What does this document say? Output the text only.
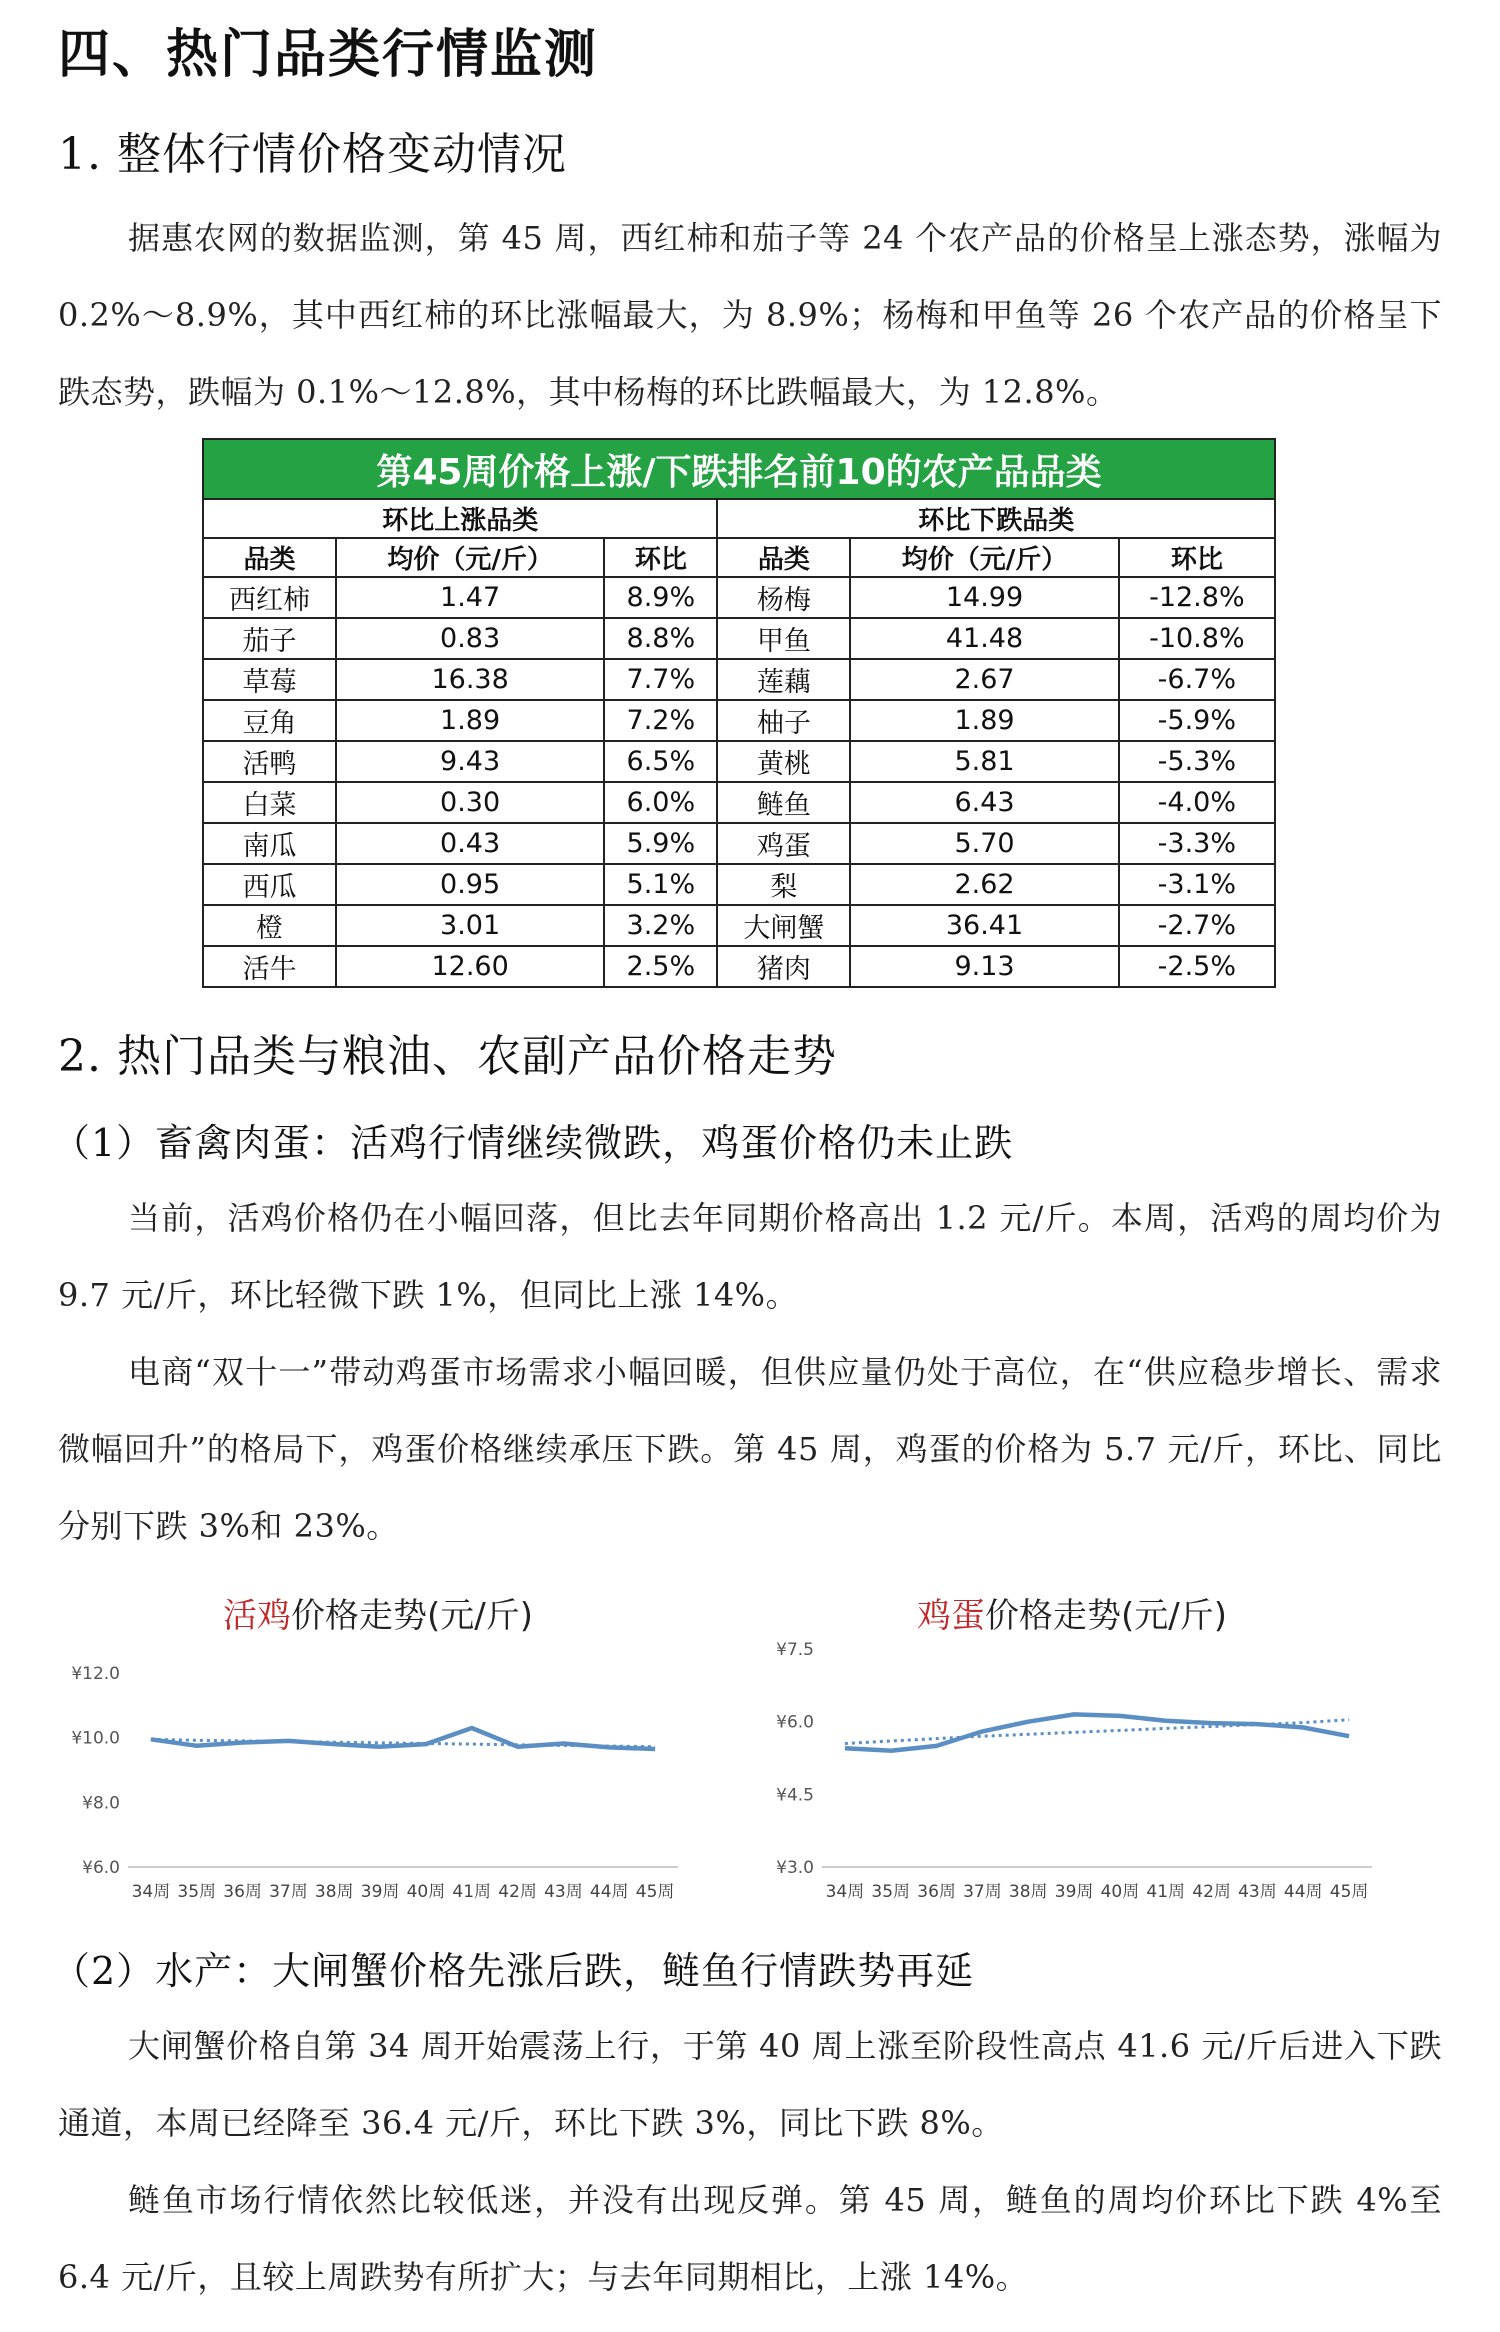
四、热门品类行情监测
1. 整体行情价格变动情况
据惠农网的数据监测，第 45 周，西红柿和茄子等 24 个农产品的价格呈上涨态势，涨幅为 0.2%～8.9%，其中西红柿的环比涨幅最大，为 8.9%；杨梅和甲鱼等 26 个农产品的价格呈下跌态势，跌幅为 0.1%～12.8%，其中杨梅的环比跌幅最大，为 12.8%。
第45周价格上涨/下跌排名前10的农产品品类					
环比上涨品类			环比下跌品类		
品类	均价（元/斤）	环比	品类	均价（元/斤）	环比
西红柿	1.47	8.9%	杨梅	14.99	-12.8%
茄子	0.83	8.8%	甲鱼	41.48	-10.8%
草莓	16.38	7.7%	莲藕	2.67	-6.7%
豆角	1.89	7.2%	柚子	1.89	-5.9%
活鸭	9.43	6.5%	黄桃	5.81	-5.3%
白菜	0.30	6.0%	鲢鱼	6.43	-4.0%
南瓜	0.43	5.9%	鸡蛋	5.70	-3.3%
西瓜	0.95	5.1%	梨	2.62	-3.1%
橙	3.01	3.2%	大闸蟹	36.41	-2.7%
活牛	12.60	2.5%	猪肉	9.13	-2.5%
2. 热门品类与粮油、农副产品价格走势
（1）畜禽肉蛋：活鸡行情继续微跌，鸡蛋价格仍未止跌
当前，活鸡价格仍在小幅回落，但比去年同期价格高出 1.2 元/斤。本周，活鸡的周均价为 9.7 元/斤，环比轻微下跌 1%，但同比上涨 14%。
电商“双十一”带动鸡蛋市场需求小幅回暖，但供应量仍处于高位，在“供应稳步增长、需求微幅回升”的格局下，鸡蛋价格继续承压下跌。第 45 周，鸡蛋的价格为 5.7 元/斤，环比、同比分别下跌 3%和 23%。
活鸡价格走势(元/斤)
¥12.0
¥10.0
¥8.0
¥6.0
34周 35周 36周 37周 38周 39周 40周 41周 42周 43周 44周 45周
鸡蛋价格走势(元/斤)
¥7.5
¥6.0
¥4.5
¥3.0
34周 35周 36周 37周 38周 39周 40周 41周 42周 43周 44周 45周
（2）水产：大闸蟹价格先涨后跌，鲢鱼行情跌势再延
大闸蟹价格自第 34 周开始震荡上行，于第 40 周上涨至阶段性高点 41.6 元/斤后进入下跌通道，本周已经降至 36.4 元/斤，环比下跌 3%，同比下跌 8%。
鲢鱼市场行情依然比较低迷，并没有出现反弹。第 45 周，鲢鱼的周均价环比下跌 4%至 6.4 元/斤，且较上周跌势有所扩大；与去年同期相比，上涨 14%。
